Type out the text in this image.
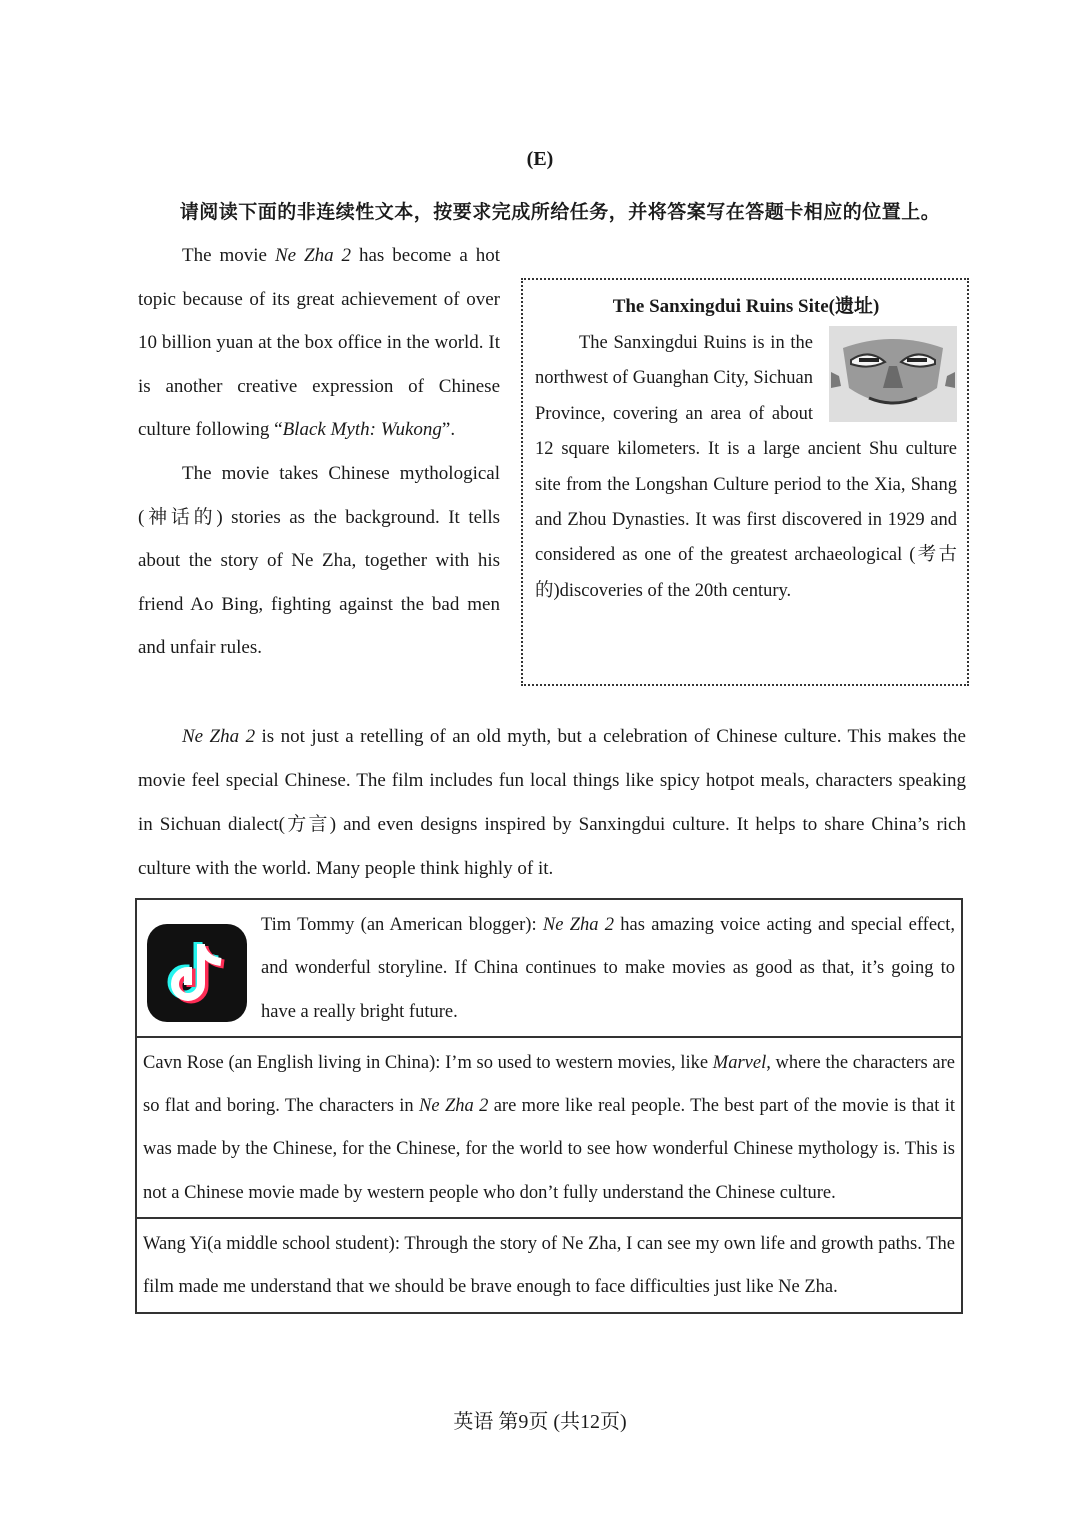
(E)
请阅读下面的非连续性文本，按要求完成所给任务，并将答案写在答题卡相应的位置上。

The movie Ne Zha 2 has become a hot topic because of its great achievement of over 10 billion yuan at the box office in the world. It is another creative expression of Chinese culture following “Black Myth: Wukong”.

The movie takes Chinese mythological (神话的) stories as the background. It tells about the story of Ne Zha, together with his friend Ao Bing, fighting against the bad men and unfair rules.

The Sanxingdui Ruins Site(遗址)
The Sanxingdui Ruins is in the northwest of Guanghan City, Sichuan Province, covering an area of about 12 square kilometers. It is a large ancient Shu culture site from the Longshan Culture period to the Xia, Shang and Zhou Dynasties. It was first discovered in 1929 and considered as one of the greatest archaeological (考古的)discoveries of the 20th century.
Ne Zha 2 is not just a retelling of an old myth, but a celebration of Chinese culture. This makes the movie feel special Chinese. The film includes fun local things like spicy hotpot meals, characters speaking in Sichuan dialect(方言) and even designs inspired by Sanxingdui culture. It helps to share China’s rich culture with the world. Many people think highly of it.
Tim Tommy (an American blogger): Ne Zha 2 has amazing voice acting and special effect, and wonderful storyline. If China continues to make movies as good as that, it’s going to have a really bright future.
Cavn Rose (an English living in China): I’m so used to western movies, like Marvel, where the characters are so flat and boring. The characters in Ne Zha 2 are more like real people. The best part of the movie is that it was made by the Chinese, for the Chinese, for the world to see how wonderful Chinese mythology is. This is not a Chinese movie made by western people who don’t fully understand the Chinese culture.
Wang Yi(a middle school student): Through the story of Ne Zha, I can see my own life and growth paths. The film made me understand that we should be brave enough to face difficulties just like Ne Zha.
英语 第9页 (共12页)
